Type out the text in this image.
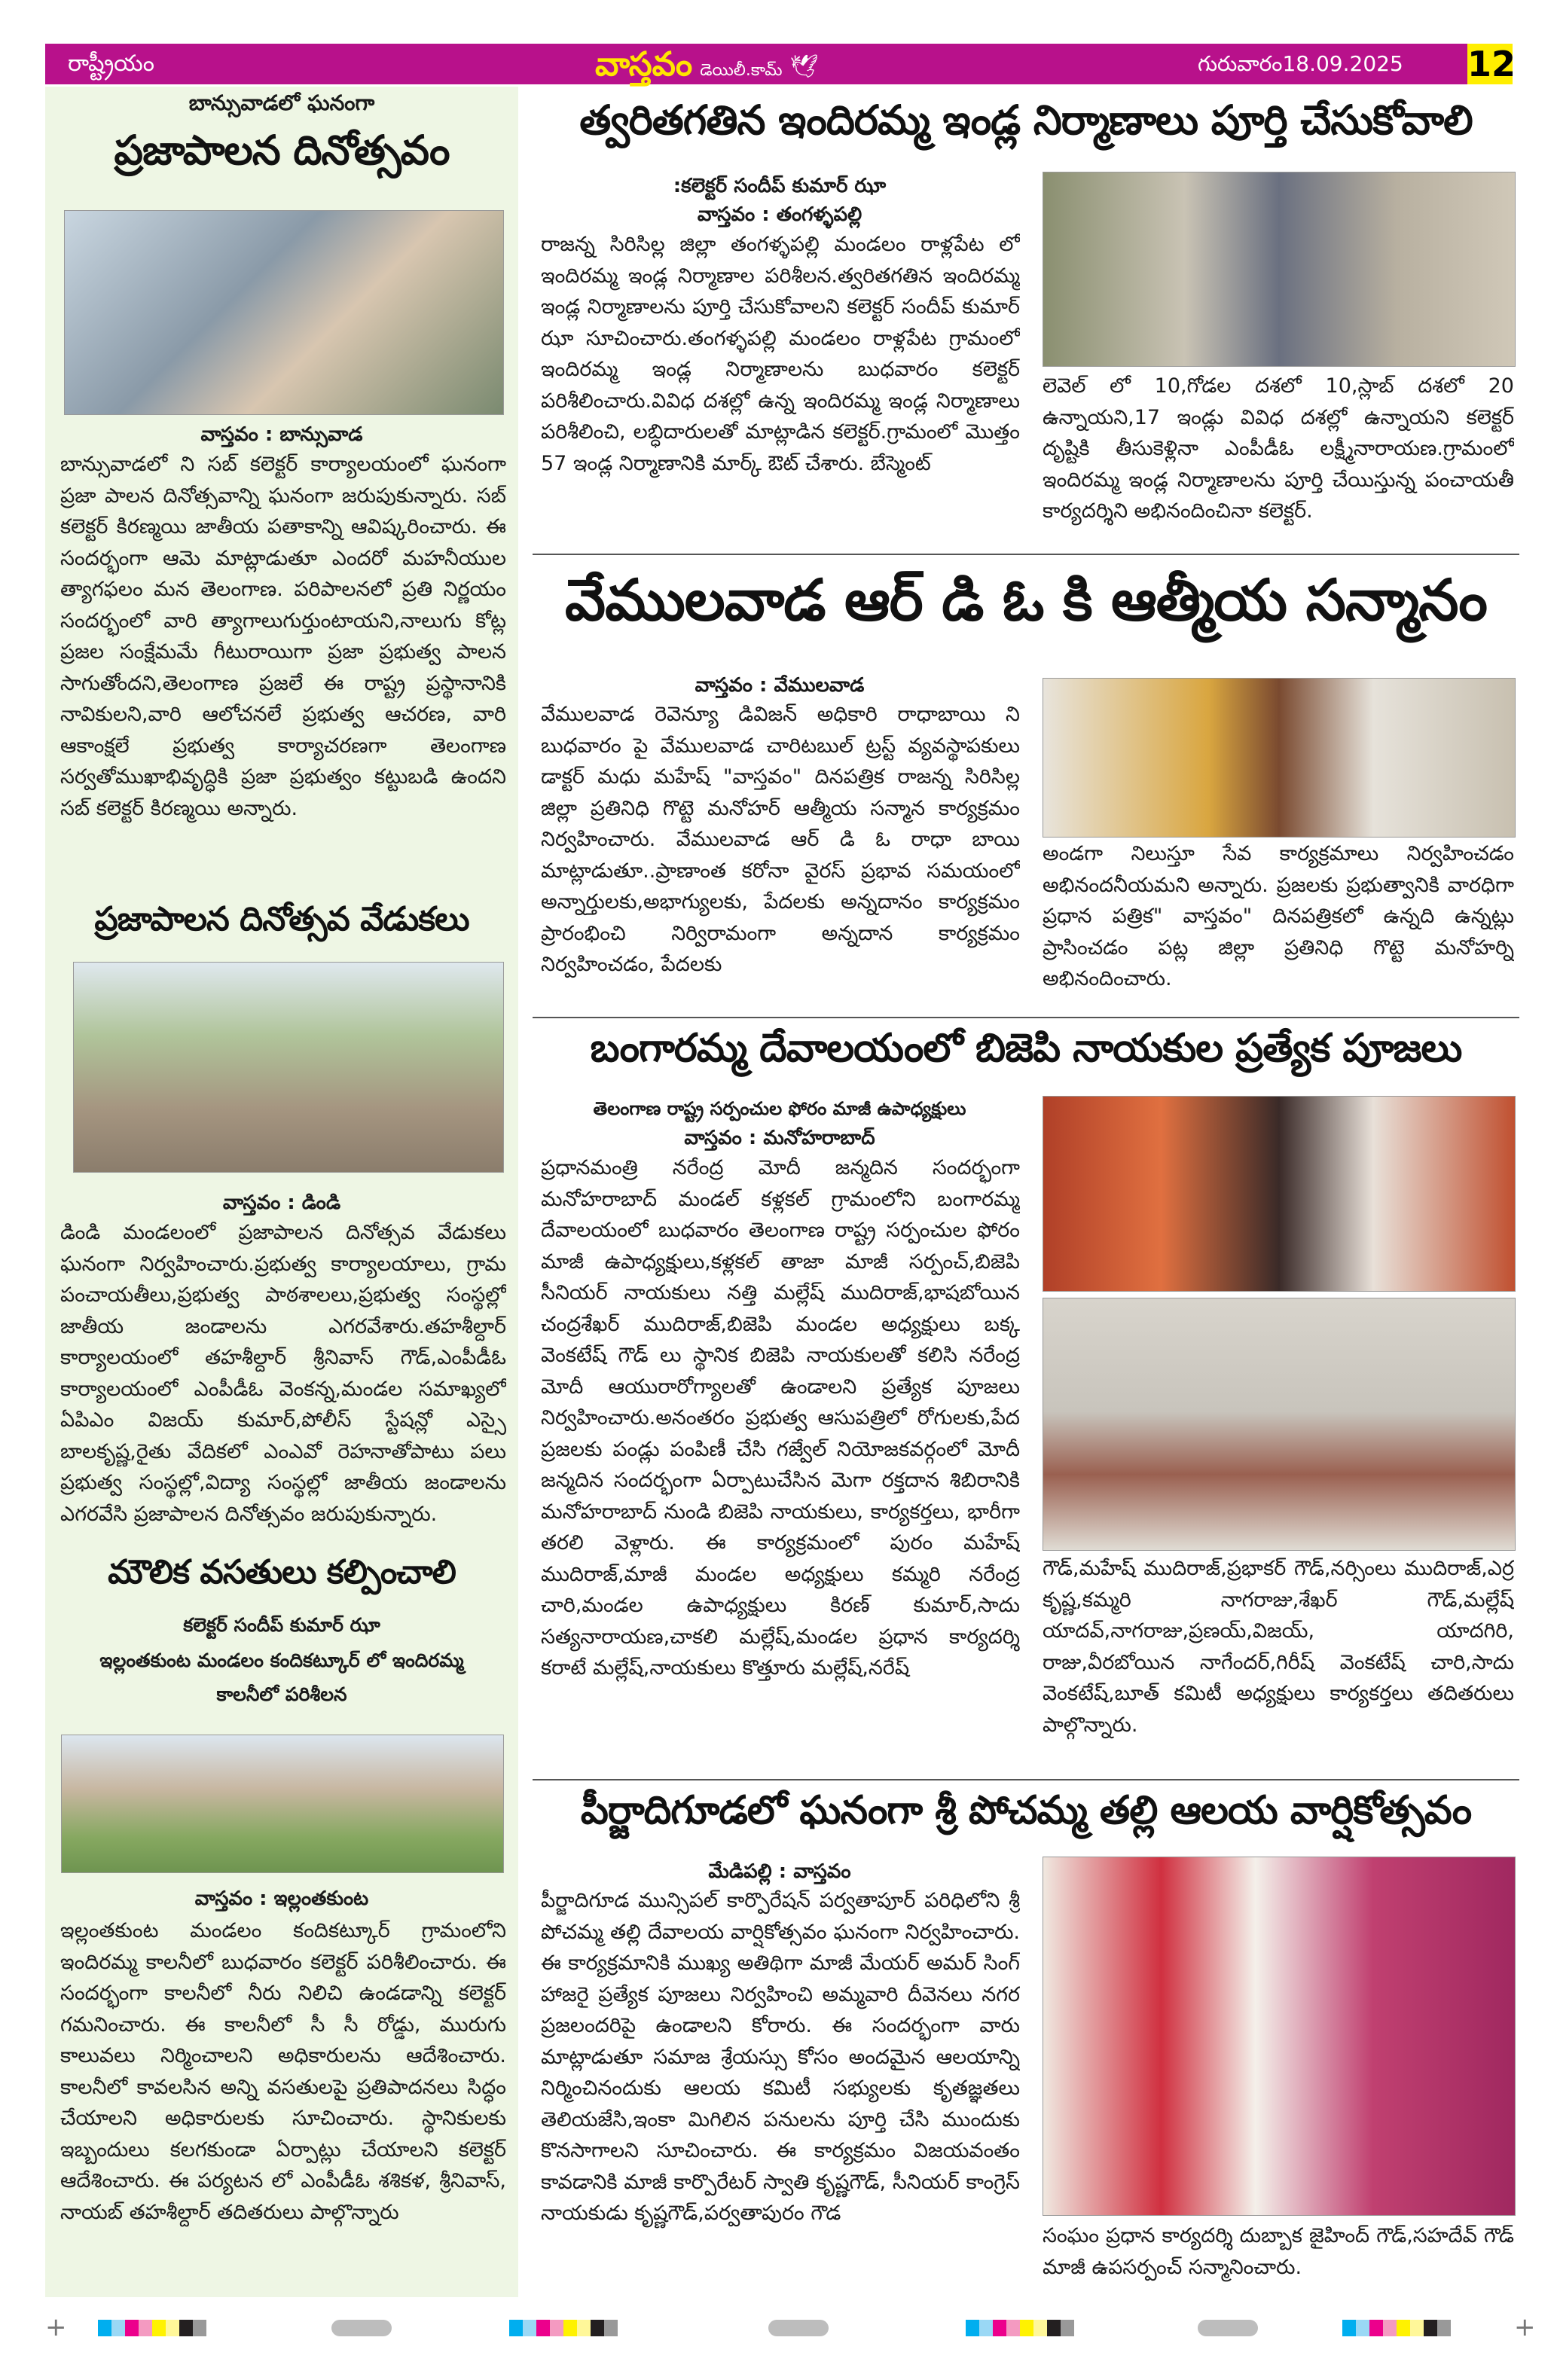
రాష్ట్రీయం	వాస్తవం డెయిలీ.కామ్ 🕊	గురువారం18.09.2025 12
బాన్సువాడలో ఘనంగా
ప్రజాపాలన దినోత్సవం
వాస్తవం : బాన్సువాడ
బాన్సువాడలో ని సబ్ కలెక్టర్ కార్యాలయంలో ఘనంగా ప్రజా పాలన దినోత్సవాన్ని ఘనంగా జరుపుకున్నారు. సబ్ కలెక్టర్ కిరణ్మయి జాతీయ పతాకాన్ని ఆవిష్కరించారు. ఈ సందర్భంగా ఆమె మాట్లాడుతూ ఎందరో మహనీయుల త్యాగఫలం మన తెలంగాణ. పరిపాలనలో ప్రతి నిర్ణయం సందర్భంలో వారి త్యాగాలుగుర్తుంటాయని,నాలుగు కోట్ల ప్రజల సంక్షేమమే గీటురాయిగా ప్రజా ప్రభుత్వ పాలన సాగుతోందని,తెలంగాణ ప్రజలే ఈ రాష్ట్ర ప్రస్థానానికి నావికులని,వారి ఆలోచనలే ప్రభుత్వ ఆచరణ, వారి ఆకాంక్షలే ప్రభుత్వ కార్యాచరణగా తెలంగాణ సర్వతోముఖాభివృద్ధికి ప్రజా ప్రభుత్వం కట్టుబడి ఉందని సబ్ కలెక్టర్ కిరణ్మయి అన్నారు.
ప్రజాపాలన దినోత్సవ వేడుకలు
వాస్తవం : డిండి
డిండి మండలంలో ప్రజాపాలన దినోత్సవ వేడుకలు ఘనంగా నిర్వహించారు.ప్రభుత్వ కార్యాలయాలు, గ్రామ పంచాయతీలు,ప్రభుత్వ పాఠశాలలు,ప్రభుత్వ సంస్థల్లో జాతీయ జండాలను ఎగరవేశారు.తహశీల్దార్ కార్యాలయంలో తహశీల్దార్ శ్రీనివాస్ గౌడ్,ఎంపీడీఓ కార్యాలయంలో ఎంపీడీఓ వెంకన్న,మండల సమాఖ్యలో ఏపిఎం విజయ్ కుమార్,పోలీస్ స్టేషన్లో ఎస్సై బాలకృష్ణ,రైతు వేదికలో ఎంఎవో రెహనాతోపాటు పలు ప్రభుత్వ సంస్థల్లో,విద్యా సంస్థల్లో జాతీయ జండాలను ఎగరవేసి ప్రజాపాలన దినోత్సవం జరుపుకున్నారు.
మౌలిక వసతులు కల్పించాలి
కలెక్టర్ సందీప్ కుమార్ ఝా
ఇల్లంతకుంట మండలం కందికట్కూర్ లో ఇందిరమ్మ
కాలనీలో పరిశీలన
వాస్తవం : ఇల్లంతకుంట
ఇల్లంతకుంట మండలం కందికట్కూర్ గ్రామంలోని ఇందిరమ్మ కాలనీలో బుధవారం కలెక్టర్ పరిశీలించారు. ఈ సందర్భంగా కాలనీలో నీరు నిలిచి ఉండడాన్ని కలెక్టర్ గమనించారు. ఈ కాలనీలో సీ సీ రోడ్డు, మురుగు కాలువలు నిర్మించాలని అధికారులను ఆదేశించారు. కాలనీలో కావలసిన అన్ని వసతులపై ప్రతిపాదనలు సిద్ధం చేయాలని అధికారులకు సూచించారు. స్థానికులకు ఇబ్బందులు కలగకుండా ఏర్పాట్లు చేయాలని కలెక్టర్ ఆదేశించారు. ఈ పర్యటన లో ఎంపీడీఓ శశికళ, శ్రీనివాస్, నాయబ్ తహశీల్దార్ తదితరులు పాల్గొన్నారు
త్వరితగతిన ఇందిరమ్మ ఇండ్ల నిర్మాణాలు పూర్తి చేసుకోవాలి
:కలెక్టర్ సందీప్ కుమార్ ఝా
వాస్తవం : తంగళ్ళపల్లి
రాజన్న సిరిసిల్ల జిల్లా తంగళ్ళపల్లి మండలం రాళ్లపేట లో ఇందిరమ్మ ఇండ్ల నిర్మాణాల పరిశీలన.త్వరితగతిన ఇందిరమ్మ ఇండ్ల నిర్మాణాలను పూర్తి చేసుకోవాలని కలెక్టర్ సందీప్ కుమార్ ఝా సూచించారు.తంగళ్ళపల్లి మండలం రాళ్లపేట గ్రామంలో ఇందిరమ్మ ఇండ్ల నిర్మాణాలను బుధవారం కలెక్టర్ పరిశీలించారు.వివిధ దశల్లో ఉన్న ఇందిరమ్మ ఇండ్ల నిర్మాణాలు పరిశీలించి, లబ్ధిదారులతో మాట్లాడిన కలెక్టర్.గ్రామంలో మొత్తం 57 ఇండ్ల నిర్మాణానికి మార్క్ ఔట్ చేశారు. బేస్మెంట్
లెవెల్ లో 10,గోడల దశలో 10,స్లాబ్ దశలో 20 ఉన్నాయని,17 ఇండ్లు వివిధ దశల్లో ఉన్నాయని కలెక్టర్ దృష్టికి తీసుకెళ్లినా ఎంపీడీఓ లక్ష్మీనారాయణ.గ్రామంలో ఇందిరమ్మ ఇండ్ల నిర్మాణాలను పూర్తి చేయిస్తున్న పంచాయతీ కార్యదర్శిని అభినందించినా కలెక్టర్.
వేములవాడ ఆర్ డి ఓ కి ఆత్మీయ సన్మానం
వాస్తవం : వేములవాడ
వేములవాడ రెవెన్యూ డివిజన్ అధికారి రాధాబాయి ని బుధవారం పై వేములవాడ చారిటబుల్ ట్రస్ట్ వ్యవస్థాపకులు డాక్టర్ మధు మహేష్ "వాస్తవం" దినపత్రిక రాజన్న సిరిసిల్ల జిల్లా ప్రతినిధి గొట్టె మనోహర్ ఆత్మీయ సన్మాన కార్యక్రమం నిర్వహించారు. వేములవాడ ఆర్ డి ఓ రాధా బాయి మాట్లాడుతూ..ప్రాణాంత కరోనా వైరస్ ప్రభావ సమయంలో అన్నార్తులకు,అభాగ్యులకు, పేదలకు అన్నదానం కార్యక్రమం ప్రారంభించి నిర్విరామంగా అన్నదాన కార్యక్రమం నిర్వహించడం, పేదలకు
అండగా నిలుస్తూ సేవ కార్యక్రమాలు నిర్వహించడం అభినందనీయమని అన్నారు. ప్రజలకు ప్రభుత్వానికి వారధిగా ప్రధాన పత్రిక" వాస్తవం" దినపత్రికలో ఉన్నది ఉన్నట్లు ప్రాసించడం పట్ల జిల్లా ప్రతినిధి గొట్టె మనోహర్ని అభినందించారు.
బంగారమ్మ దేవాలయంలో బిజెపి నాయకుల ప్రత్యేక పూజలు
తెలంగాణ రాష్ట్ర సర్పంచుల ఫోరం మాజీ ఉపాధ్యక్షులు
వాస్తవం : మనోహరాబాద్
ప్రధానమంత్రి నరేంద్ర మోదీ జన్మదిన సందర్భంగా మనోహరాబాద్ మండల్ కళ్లకల్ గ్రామంలోని బంగారమ్మ దేవాలయంలో బుధవారం తెలంగాణ రాష్ట్ర సర్పంచుల ఫోరం మాజీ ఉపాధ్యక్షులు,కళ్లకల్ తాజా మాజీ సర్పంచ్,బిజెపి సీనియర్ నాయకులు నత్తి మల్లేష్ ముదిరాజ్,భాషబోయిన చంద్రశేఖర్ ముదిరాజ్,బిజెపి మండల అధ్యక్షులు బక్క వెంకటేష్ గౌడ్ లు స్థానిక బిజెపి నాయకులతో కలిసి నరేంద్ర మోదీ ఆయురారోగ్యాలతో ఉండాలని ప్రత్యేక పూజలు నిర్వహించారు.అనంతరం ప్రభుత్వ ఆసుపత్రిలో రోగులకు,పేద ప్రజలకు పండ్లు పంపిణీ చేసి గజ్వేల్ నియోజకవర్గంలో మోదీ జన్మదిన సందర్భంగా ఏర్పాటుచేసిన మెగా రక్తదాన శిబిరానికి మనోహరాబాద్ నుండి బిజెపి నాయకులు, కార్యకర్తలు, భారీగా తరలి వెళ్లారు. ఈ కార్యక్రమంలో పురం మహేష్ ముదిరాజ్,మాజీ మండల అధ్యక్షులు కమ్మరి నరేంద్ర చారి,మండల ఉపాధ్యక్షులు కిరణ్ కుమార్,సాదు సత్యనారాయణ,చాకలి మల్లేష్,మండల ప్రధాన కార్యదర్శి కరాటే మల్లేష్,నాయకులు కొత్తూరు మల్లేష్,నరేష్
గౌడ్,మహేష్ ముదిరాజ్,ప్రభాకర్ గౌడ్,నర్సింలు ముదిరాజ్,ఎర్ర కృష్ణ,కమ్మరి నాగరాజు,శేఖర్ గౌడ్,మల్లేష్ యాదవ్,నాగరాజు,ప్రణయ్,విజయ్, యాదగిరి, రాజు,వీరబోయిన నాగేందర్,గిరీష్ వెంకటేష్ చారి,సాదు వెంకటేష్,బూత్ కమిటీ అధ్యక్షులు కార్యకర్తలు తదితరులు పాల్గొన్నారు.
పీర్జాదిగూడలో ఘనంగా శ్రీ పోచమ్మ తల్లి ఆలయ వార్షికోత్సవం
మేడిపల్లి : వాస్తవం
పీర్జాదిగూడ మున్సిపల్ కార్పొరేషన్ పర్వతాపూర్ పరిధిలోని శ్రీ పోచమ్మ తల్లి దేవాలయ వార్షికోత్సవం ఘనంగా నిర్వహించారు. ఈ కార్యక్రమానికి ముఖ్య అతిథిగా మాజీ మేయర్ అమర్ సింగ్ హాజరై ప్రత్యేక పూజలు నిర్వహించి అమ్మవారి దీవెనలు నగర ప్రజలందరిపై ఉండాలని కోరారు. ఈ సందర్భంగా వారు మాట్లాడుతూ సమాజ శ్రేయస్సు కోసం అందమైన ఆలయాన్ని నిర్మించినందుకు ఆలయ కమిటీ సభ్యులకు కృతజ్ఞతలు తెలియజేసి,ఇంకా మిగిలిన పనులను పూర్తి చేసి ముందుకు కొనసాగాలని సూచించారు. ఈ కార్యక్రమం విజయవంతం కావడానికి మాజీ కార్పొరేటర్ స్వాతి కృష్ణగౌడ్, సీనియర్ కాంగ్రెస్ నాయకుడు కృష్ణగౌడ్,పర్వతాపురం గౌడ
సంఘం ప్రధాన కార్యదర్శి దుబ్బాక జైహింద్ గౌడ్,సహదేవ్ గౌడ్ మాజీ ఉపసర్పంచ్ సన్మానించారు.
+	+
